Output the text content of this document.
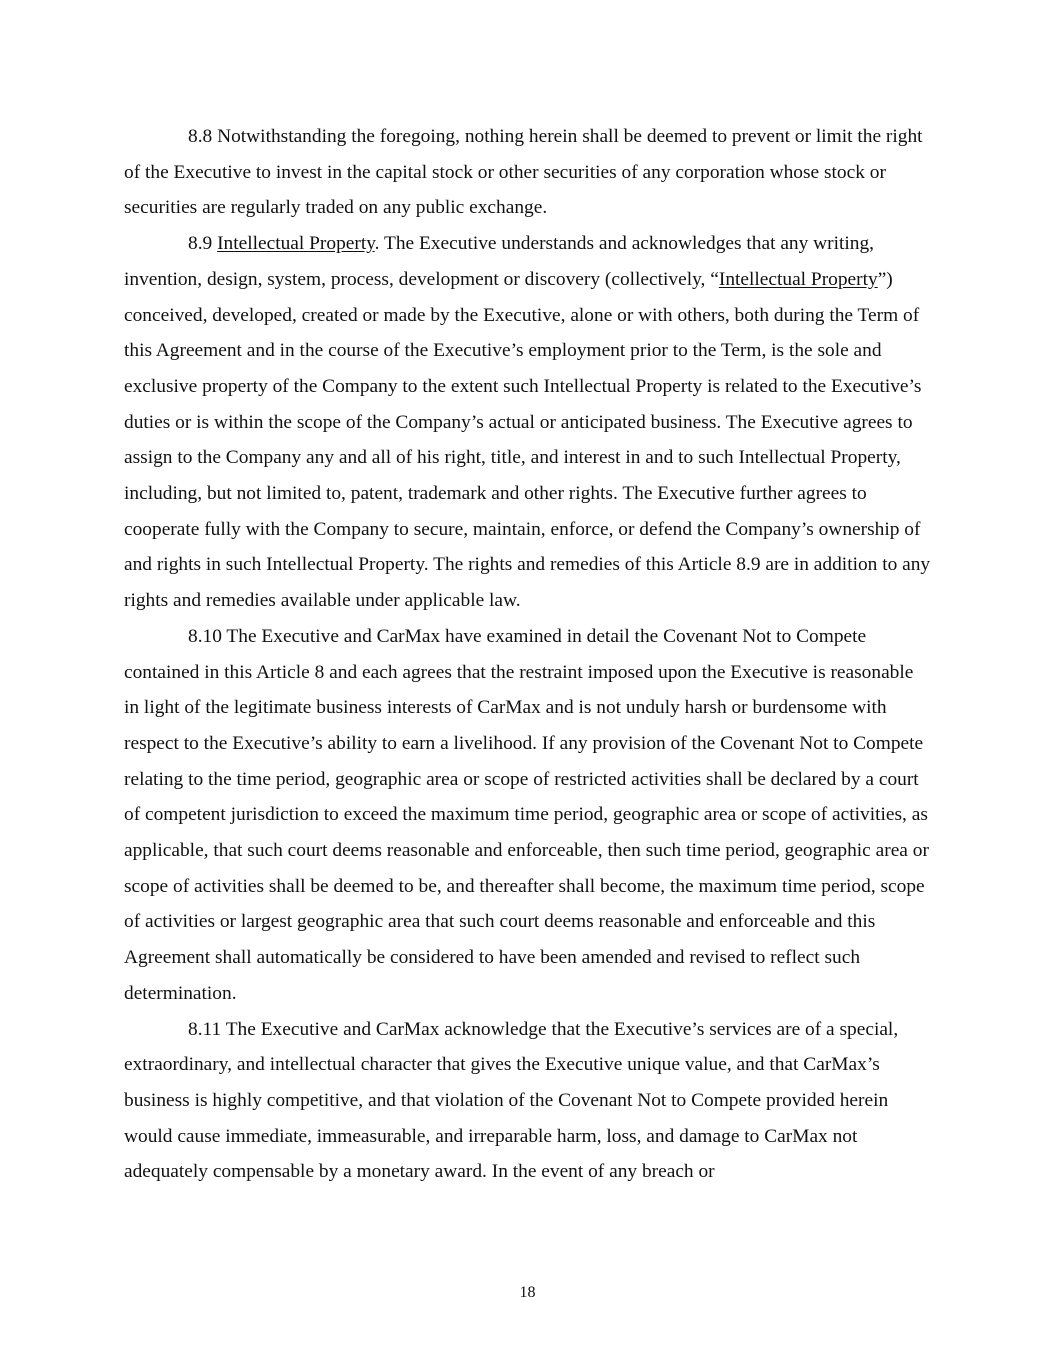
8.8 Notwithstanding the foregoing, nothing herein shall be deemed to prevent or limit the right of the Executive to invest in the capital stock or other securities of any corporation whose stock or securities are regularly traded on any public exchange.

8.9 Intellectual Property. The Executive understands and acknowledges that any writing, invention, design, system, process, development or discovery (collectively, “Intellectual Property”) conceived, developed, created or made by the Executive, alone or with others, both during the Term of this Agreement and in the course of the Executive’s employment prior to the Term, is the sole and exclusive property of the Company to the extent such Intellectual Property is related to the Executive’s duties or is within the scope of the Company’s actual or anticipated business. The Executive agrees to assign to the Company any and all of his right, title, and interest in and to such Intellectual Property, including, but not limited to, patent, trademark and other rights. The Executive further agrees to cooperate fully with the Company to secure, maintain, enforce, or defend the Company’s ownership of and rights in such Intellectual Property. The rights and remedies of this Article 8.9 are in addition to any rights and remedies available under applicable law.

8.10 The Executive and CarMax have examined in detail the Covenant Not to Compete contained in this Article 8 and each agrees that the restraint imposed upon the Executive is reasonable in light of the legitimate business interests of CarMax and is not unduly harsh or burdensome with respect to the Executive’s ability to earn a livelihood. If any provision of the Covenant Not to Compete relating to the time period, geographic area or scope of restricted activities shall be declared by a court of competent jurisdiction to exceed the maximum time period, geographic area or scope of activities, as applicable, that such court deems reasonable and enforceable, then such time period, geographic area or scope of activities shall be deemed to be, and thereafter shall become, the maximum time period, scope of activities or largest geographic area that such court deems reasonable and enforceable and this Agreement shall automatically be considered to have been amended and revised to reflect such determination.

8.11 The Executive and CarMax acknowledge that the Executive’s services are of a special, extraordinary, and intellectual character that gives the Executive unique value, and that CarMax’s business is highly competitive, and that violation of the Covenant Not to Compete provided herein would cause immediate, immeasurable, and irreparable harm, loss, and damage to CarMax not adequately compensable by a monetary award. In the event of any breach or

18
